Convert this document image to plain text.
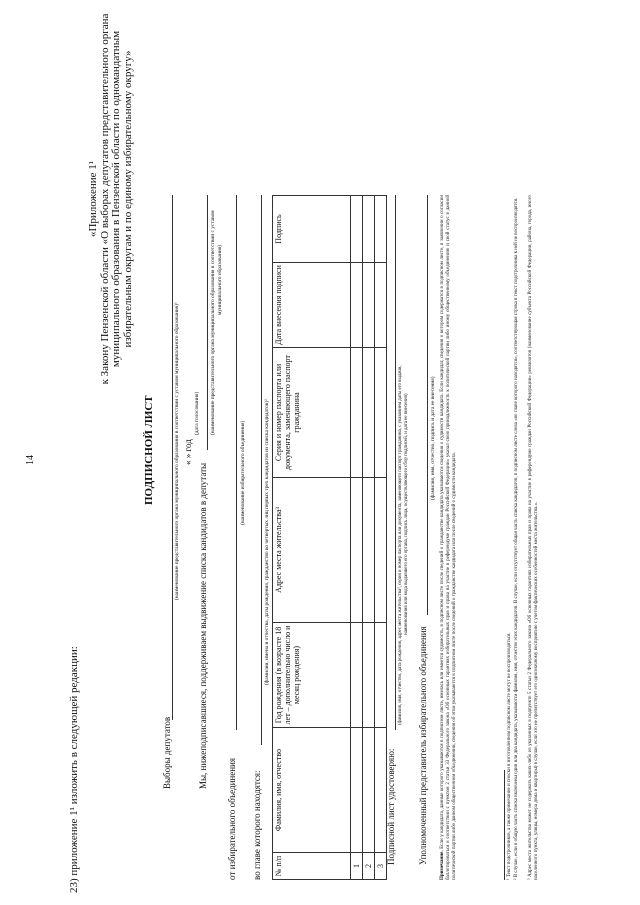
14
23) приложение 1¹ изложить в следующей редакции:
«Приложение 1¹ к Закону Пензенской области «О выборах депутатов представительного органа муниципального образования в Пензенской области по одномандатным избирательным округам и по единому избирательному округу»
ПОДПИСНОЙ ЛИСТ
Выборы депутатов
(наименование представительного органа муниципального образования в соответствии с уставом муниципального образования)¹ « » год
(дата голосования)
Мы, нижеподписавшиеся, поддерживаем выдвижение списка кандидатов в депутаты
(наименование представительного органа муниципального образования в соответствии с уставом муниципального образования)
от избирательного объединения
(наименование избирательного объединения)
во главе которого находятся:
(фамилии, имена и отчества, даты рождения, гражданство ко четвертых лиц первых трех кандидатов из списка кандидатов)²
№ п/п	Фамилия, имя, отчество	Год рождения (в возрасте 18 лет – дополнительно число и месяц рождения)	Адрес места жительства³	Серия и номер паспорта или документа, заменяющего паспорт гражданина	Дата внесения подписи	Подпись
1						
2						
3						
Подписной лист удостоверяю:
(фамилия, имя, отчество, дата рождения, адрес места жительства³, серия и номер паспорта или документа, заменяющего паспорт гражданина, с указанием даты его выдачи, наименования или кода выдавшего его органа, подпись лица, осуществляющего сбор подписей, и дата ее внесения)
Уполномоченный представитель избирательного объединения
(фамилия, имя, отчество, подпись и дата ее внесения)
Примечание. Если у кандидата, данные которого указываются в подписном листе, имелась или имеется судимость, в подписном листе после сведений о гражданстве кандидата указываются сведения о судимости кандидата. Если кандидат, сведения о котором содержатся в подписном листе, в заявлении о согласии баллотироваться в соответствии с пунктом 2 статьи 33 Федерального закона «Об основных гарантиях избирательных прав и права на участие в референдуме граждан Российской Федерации» указал свою принадлежность к политической партии либо иному общественному объединению и свой статус в данной политической партии либо данном общественном объединении, сведения об этом указываются в подписном листе после сведений о гражданстве кандидата или после сведений о судимости кандидата.	¹ Текст подстрочников, а также примечание и сноски в изготовленном подписном листе могут не воспроизводиться. ² В случае, если в общую часть списка включены один или два кандидата, указываются фамилия, имя, отчество этих кандидатов. В случае, если отсутствует общая часть списка кандидатов, в подписном листе слова «во главе которого находятся», соответствующая строка в текст подстрочника к ней не воспроизводятся. ³ Адрес места жительства может не содержать каких-либо из указанных в подпункте 5 статьи 2 Федерального закона «Об основных гарантиях избирательных прав и права на участие в референдуме граждан Российской Федерации» реквизитов (наименование субъекта Российской Федерации, района, города, иного населенного пункта, улицы, номера дома и квартиры) в случае, если это не препятствует его однозначному восприятию с учетом фактических особенностей места жительства.».
